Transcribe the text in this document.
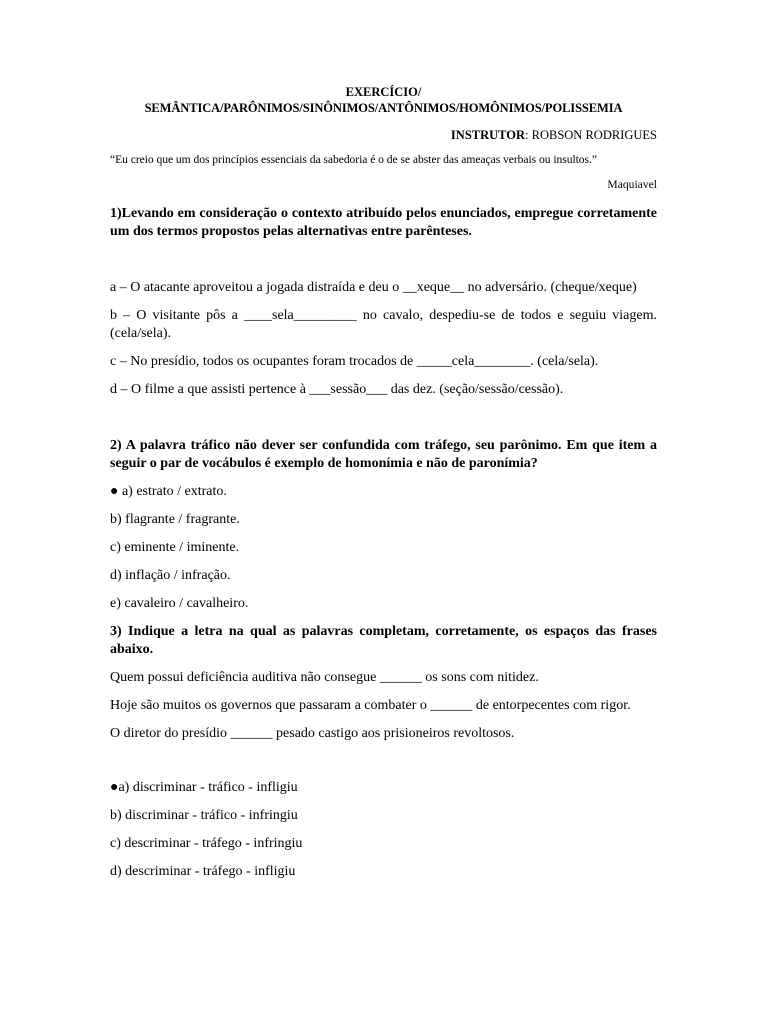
EXERCÍCIO/
SEMÂNTICA/PARÔNIMOS/SINÔNIMOS/ANTÔNIMOS/HOMÔNIMOS/POLISSEMIA
INSTRUTOR: ROBSON RODRIGUES
“Eu creio que um dos princípios essenciais da sabedoria é o de se abster das ameaças verbais ou insultos.”
Maquiavel
1)Levando em consideração o contexto atribuído pelos enunciados, empregue corretamente um dos termos propostos pelas alternativas entre parênteses.
a – O atacante aproveitou a jogada distraída e deu o __xeque__ no adversário. (cheque/xeque)
b – O visitante pôs a ____sela_________ no cavalo, despediu-se de todos e seguiu viagem. (cela/sela).
c – No presídio, todos os ocupantes foram trocados de _____cela________. (cela/sela).
d – O filme a que assisti pertence à ___sessão___ das dez. (seção/sessão/cessão).
2) A palavra tráfico não dever ser confundida com tráfego, seu parônimo. Em que item a seguir o par de vocábulos é exemplo de homonímia e não de paronímia?
● a) estrato / extrato.
b) flagrante / fragrante.
c) eminente / iminente.
d) inflação / infração.
e) cavaleiro / cavalheiro.
3) Indique a letra na qual as palavras completam, corretamente, os espaços das frases abaixo.
Quem possui deficiência auditiva não consegue ______ os sons com nitidez.
Hoje são muitos os governos que passaram a combater o ______ de entorpecentes com rigor.
O diretor do presídio ______ pesado castigo aos prisioneiros revoltosos.
●a) discriminar - tráfico - infligiu
b) discriminar - tráfico - infringiu
c) descriminar - tráfego - infringiu
d) descriminar - tráfego - infligiu
